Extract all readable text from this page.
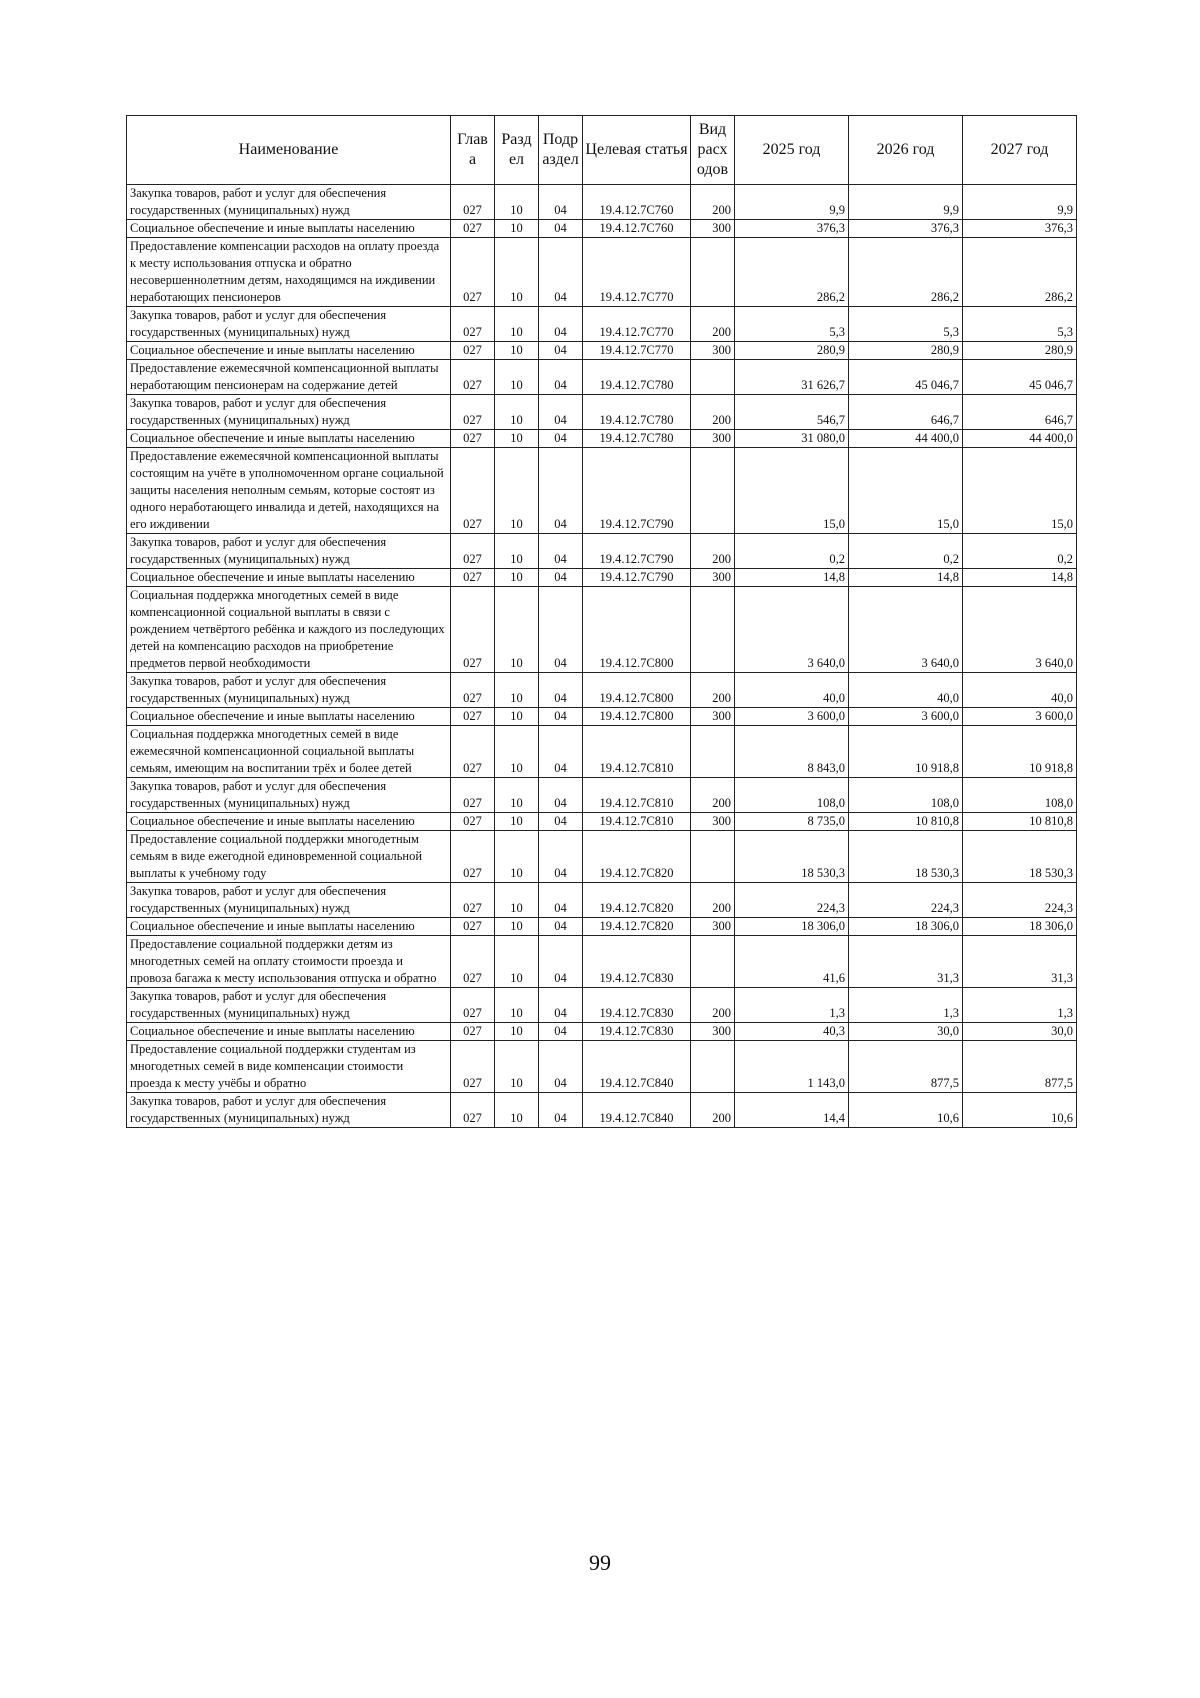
Наименование	Глав а	Разд ел	Подр аздел	Целевая статья	Вид расх одов	2025 год	2026 год	2027 год
Закупка товаров, работ и услуг для обеспечения государственных (муниципальных) нужд	027	10	04	19.4.12.7С760	200	9,9	9,9	9,9
Социальное обеспечение и иные выплаты населению	027	10	04	19.4.12.7С760	300	376,3	376,3	376,3
Предоставление компенсации расходов на оплату проезда к месту использования отпуска и обратно несовершеннолетним детям, находящимся на иждивении неработающих пенсионеров	027	10	04	19.4.12.7С770		286,2	286,2	286,2
Закупка товаров, работ и услуг для обеспечения государственных (муниципальных) нужд	027	10	04	19.4.12.7С770	200	5,3	5,3	5,3
Социальное обеспечение и иные выплаты населению	027	10	04	19.4.12.7С770	300	280,9	280,9	280,9
Предоставление ежемесячной компенсационной выплаты неработающим пенсионерам на содержание детей	027	10	04	19.4.12.7С780		31 626,7	45 046,7	45 046,7
Закупка товаров, работ и услуг для обеспечения государственных (муниципальных) нужд	027	10	04	19.4.12.7С780	200	546,7	646,7	646,7
Социальное обеспечение и иные выплаты населению	027	10	04	19.4.12.7С780	300	31 080,0	44 400,0	44 400,0
Предоставление ежемесячной компенсационной выплаты состоящим на учёте в уполномоченном органе социальной защиты населения неполным семьям, которые состоят из одного неработающего инвалида и детей, находящихся на его иждивении	027	10	04	19.4.12.7С790		15,0	15,0	15,0
Закупка товаров, работ и услуг для обеспечения государственных (муниципальных) нужд	027	10	04	19.4.12.7С790	200	0,2	0,2	0,2
Социальное обеспечение и иные выплаты населению	027	10	04	19.4.12.7С790	300	14,8	14,8	14,8
Социальная поддержка многодетных семей в виде компенсационной социальной выплаты в связи с рождением четвёртого ребёнка и каждого из последующих детей на компенсацию расходов на приобретение предметов первой необходимости	027	10	04	19.4.12.7С800		3 640,0	3 640,0	3 640,0
Закупка товаров, работ и услуг для обеспечения государственных (муниципальных) нужд	027	10	04	19.4.12.7С800	200	40,0	40,0	40,0
Социальное обеспечение и иные выплаты населению	027	10	04	19.4.12.7С800	300	3 600,0	3 600,0	3 600,0
Социальная поддержка многодетных семей в виде ежемесячной компенсационной социальной выплаты семьям, имеющим на воспитании трёх и более детей	027	10	04	19.4.12.7С810		8 843,0	10 918,8	10 918,8
Закупка товаров, работ и услуг для обеспечения государственных (муниципальных) нужд	027	10	04	19.4.12.7С810	200	108,0	108,0	108,0
Социальное обеспечение и иные выплаты населению	027	10	04	19.4.12.7С810	300	8 735,0	10 810,8	10 810,8
Предоставление социальной поддержки многодетным семьям в виде ежегодной единовременной социальной выплаты к учебному году	027	10	04	19.4.12.7С820		18 530,3	18 530,3	18 530,3
Закупка товаров, работ и услуг для обеспечения государственных (муниципальных) нужд	027	10	04	19.4.12.7С820	200	224,3	224,3	224,3
Социальное обеспечение и иные выплаты населению	027	10	04	19.4.12.7С820	300	18 306,0	18 306,0	18 306,0
Предоставление социальной поддержки детям из многодетных семей на оплату стоимости проезда и провоза багажа к месту использования отпуска и обратно	027	10	04	19.4.12.7С830		41,6	31,3	31,3
Закупка товаров, работ и услуг для обеспечения государственных (муниципальных) нужд	027	10	04	19.4.12.7С830	200	1,3	1,3	1,3
Социальное обеспечение и иные выплаты населению	027	10	04	19.4.12.7С830	300	40,3	30,0	30,0
Предоставление социальной поддержки студентам из многодетных семей в виде компенсации стоимости проезда к месту учёбы и обратно	027	10	04	19.4.12.7С840		1 143,0	877,5	877,5
Закупка товаров, работ и услуг для обеспечения государственных (муниципальных) нужд	027	10	04	19.4.12.7С840	200	14,4	10,6	10,6
99
